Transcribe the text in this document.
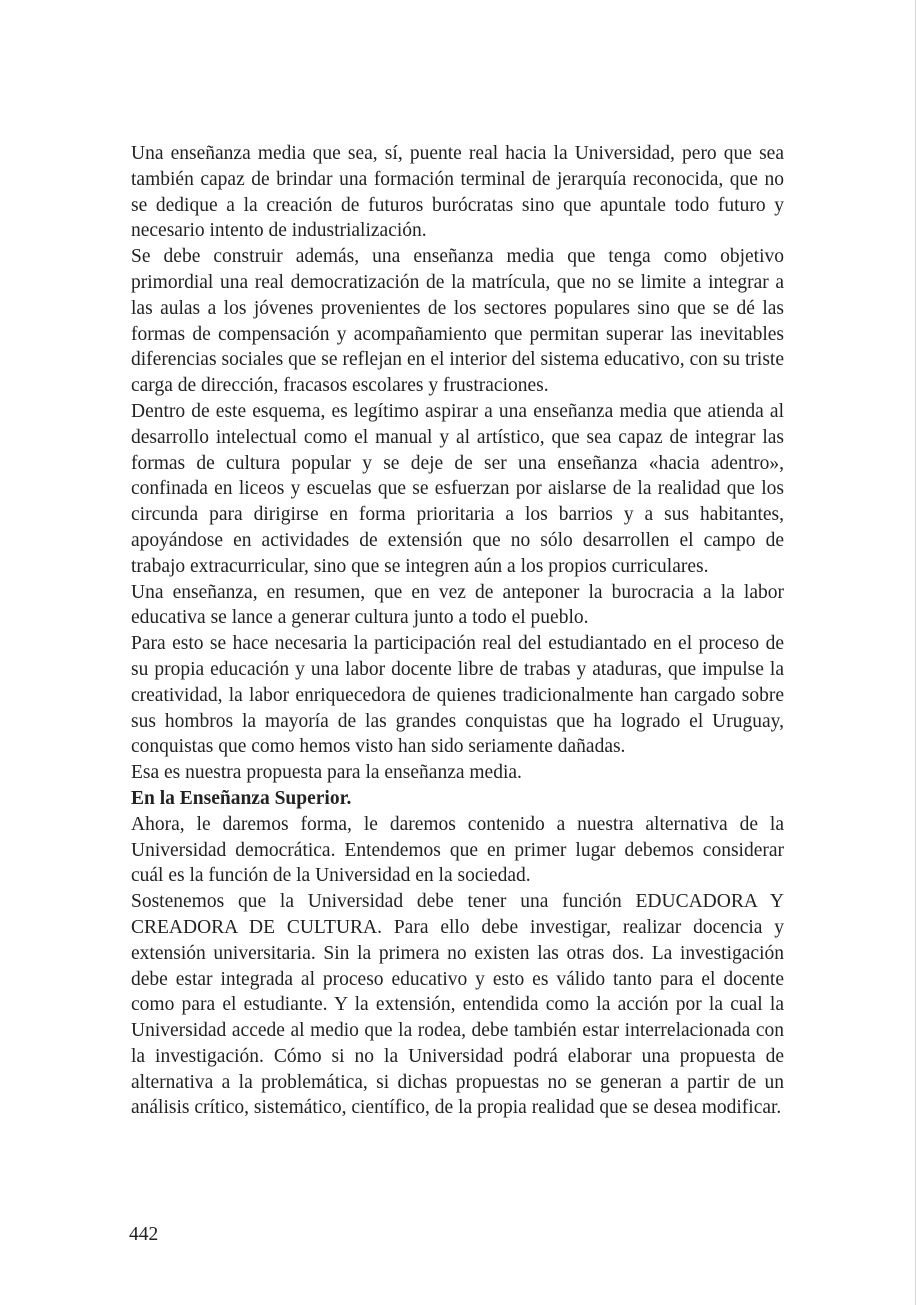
Una enseñanza media que sea, sí, puente real hacia la Universidad, pero que sea también capaz de brindar una formación terminal de jerarquía reconocida, que no se dedique a la creación de futuros burócratas sino que apuntale todo futuro y necesario intento de industrialización.

Se debe construir además, una enseñanza media que tenga como objetivo primordial una real democratización de la matrícula, que no se limite a integrar a las aulas a los jóvenes provenientes de los sectores populares sino que se dé las formas de compensación y acompañamiento que permitan superar las inevitables diferencias sociales que se reflejan en el interior del sistema educativo, con su triste carga de dirección, fracasos escolares y frustraciones.

Dentro de este esquema, es legítimo aspirar a una enseñanza media que atienda al desarrollo intelectual como el manual y al artístico, que sea capaz de integrar las formas de cultura popular y se deje de ser una enseñanza «hacia adentro», confinada en liceos y escuelas que se esfuerzan por aislarse de la realidad que los circunda para dirigirse en forma prioritaria a los barrios y a sus habitantes, apoyándose en actividades de extensión que no sólo desarrollen el campo de trabajo extracurricular, sino que se integren aún a los propios curriculares.

Una enseñanza, en resumen, que en vez de anteponer la burocracia a la labor educativa se lance a generar cultura junto a todo el pueblo.

Para esto se hace necesaria la participación real del estudiantado en el proceso de su propia educación y una labor docente libre de trabas y ataduras, que impulse la creatividad, la labor enriquecedora de quienes tradicionalmente han cargado sobre sus hombros la mayoría de las grandes conquistas que ha logrado el Uruguay, conquistas que como hemos visto han sido seriamente dañadas.

Esa es nuestra propuesta para la enseñanza media.

En la Enseñanza Superior.

Ahora, le daremos forma, le daremos contenido a nuestra alternativa de la Universidad democrática. Entendemos que en primer lugar debemos considerar cuál es la función de la Universidad en la sociedad.

Sostenemos que la Universidad debe tener una función EDUCADORA Y CREADORA DE CULTURA. Para ello debe investigar, realizar docencia y extensión universitaria. Sin la primera no existen las otras dos. La investigación debe estar integrada al proceso educativo y esto es válido tanto para el docente como para el estudiante. Y la extensión, entendida como la acción por la cual la Universidad accede al medio que la rodea, debe también estar interrelacionada con la investigación. Cómo si no la Universidad podrá elaborar una propuesta de alternativa a la problemática, si dichas propuestas no se generan a partir de un análisis crítico, sistemático, científico, de la propia realidad que se desea modificar.

442
